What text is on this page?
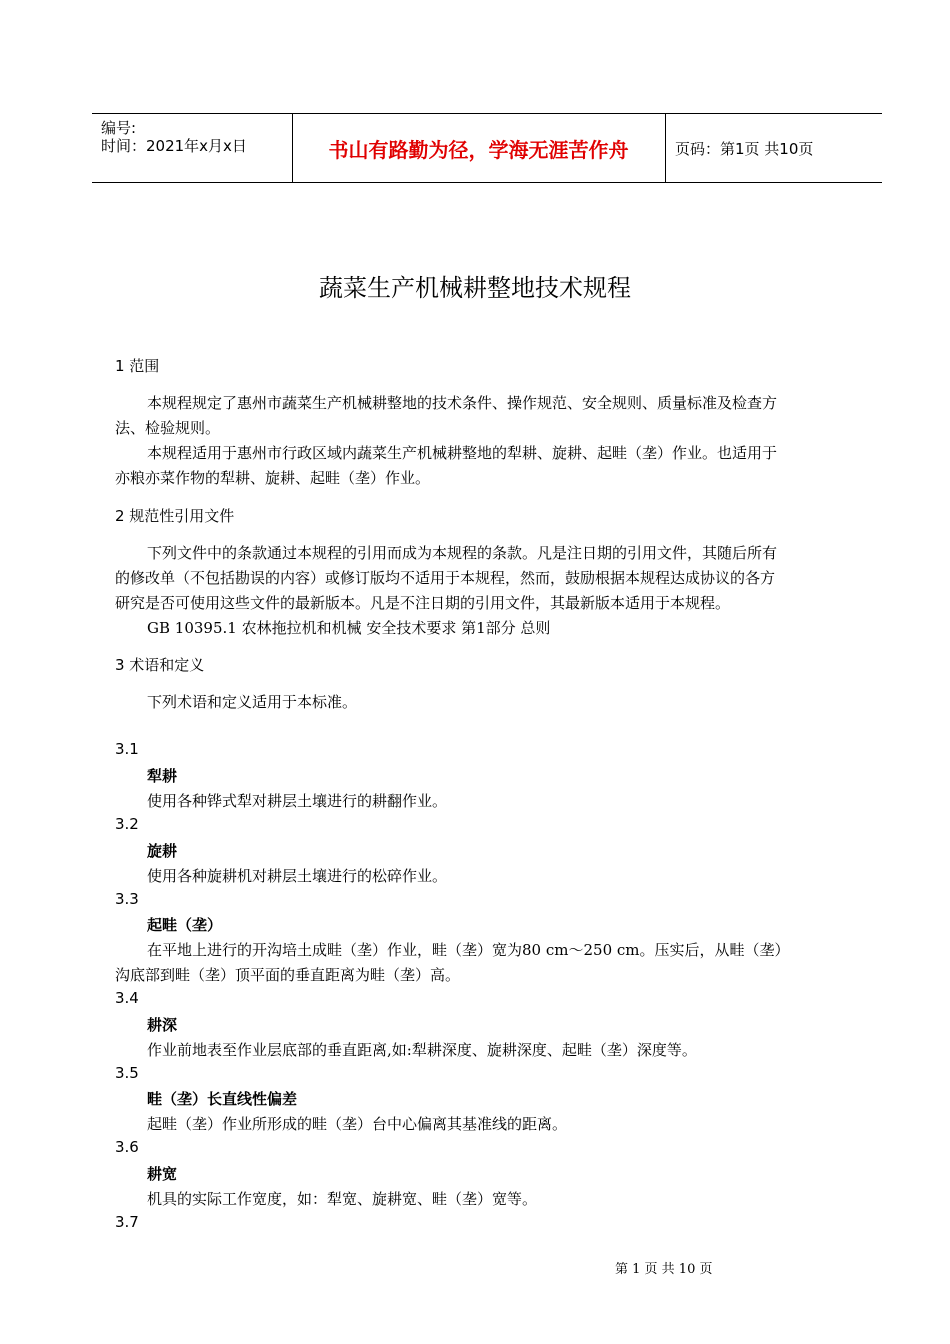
编号:
时间：2021年x月x日	书山有路勤为径，学海无涯苦作舟	页码：第1页 共10页
蔬菜生产机械耕整地技术规程
1 范围
本规程规定了惠州市蔬菜生产机械耕整地的技术条件、操作规范、安全规则、质量标准及检查方
法、检验规则。
本规程适用于惠州市行政区域内蔬菜生产机械耕整地的犁耕、旋耕、起畦（垄）作业。也适用于
亦粮亦菜作物的犁耕、旋耕、起畦（垄）作业。
2 规范性引用文件
下列文件中的条款通过本规程的引用而成为本规程的条款。凡是注日期的引用文件，其随后所有
的修改单（不包括勘误的内容）或修订版均不适用于本规程，然而，鼓励根据本规程达成协议的各方
研究是否可使用这些文件的最新版本。凡是不注日期的引用文件，其最新版本适用于本规程。
GB 10395.1 农林拖拉机和机械 安全技术要求 第1部分 总则
3 术语和定义
下列术语和定义适用于本标准。
3.1
犁耕
使用各种铧式犁对耕层土壤进行的耕翻作业。
3.2
旋耕
使用各种旋耕机对耕层土壤进行的松碎作业。
3.3
起畦（垄）
在平地上进行的开沟培土成畦（垄）作业，畦（垄）宽为80 cm～250 cm。压实后，从畦（垄）
沟底部到畦（垄）顶平面的垂直距离为畦（垄）高。
3.4
耕深
作业前地表至作业层底部的垂直距离,如:犁耕深度、旋耕深度、起畦（垄）深度等。
3.5
畦（垄）长直线性偏差
起畦（垄）作业所形成的畦（垄）台中心偏离其基准线的距离。
3.6
耕宽
机具的实际工作宽度，如：犁宽、旋耕宽、畦（垄）宽等。
3.7
第 1 页 共 10 页
